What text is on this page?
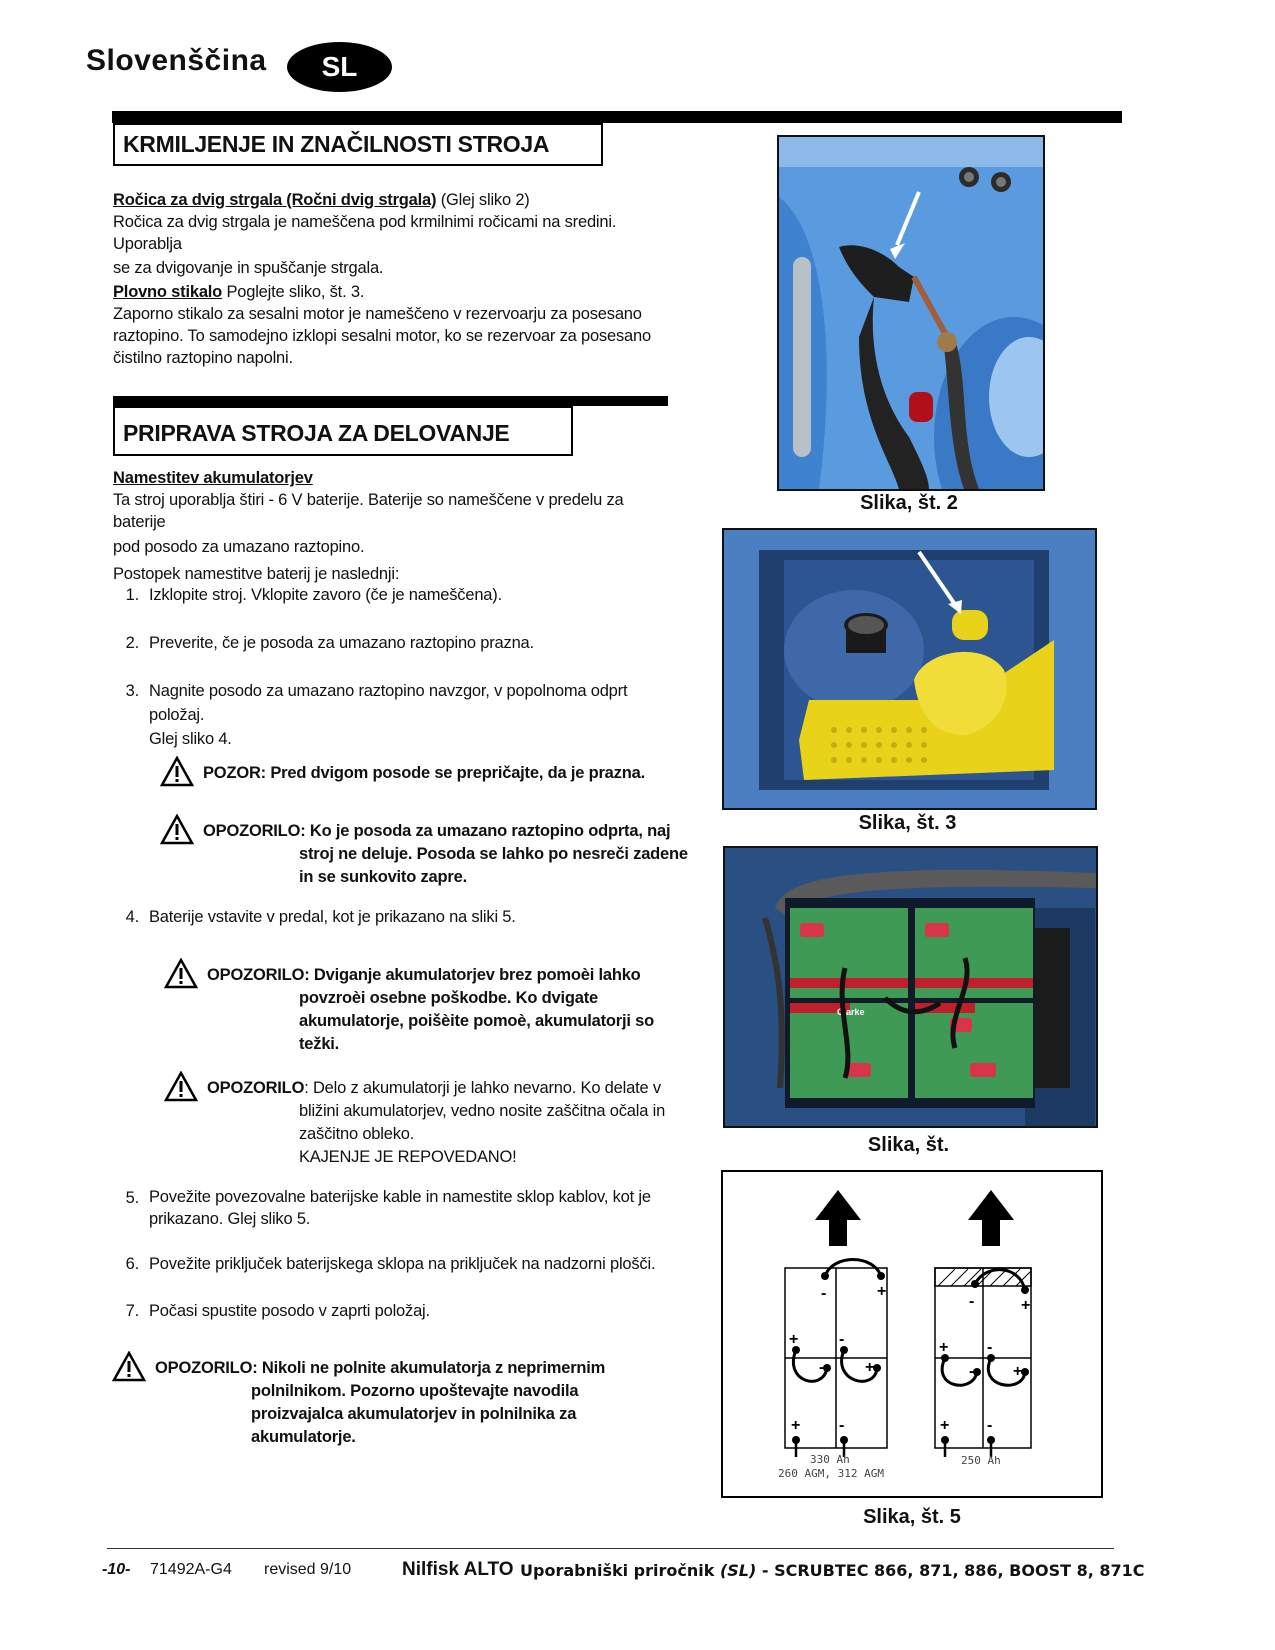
Slovenščina	SL
KRMILJENJE IN ZNAČILNOSTI STROJA
Ročica za dvig strgala (Ročni dvig strgala) (Glej sliko 2)
Ročica za dvig strgala je nameščena pod krmilnimi ročicami na sredini. Uporablja
se za dvigovanje in spuščanje strgala.
Plovno stikalo Poglejte sliko, št. 3.
Zaporno stikalo za sesalni motor je nameščeno v rezervoarju za posesano
raztopino. To samodejno izklopi sesalni motor, ko se rezervoar za posesano
čistilno raztopino napolni.
PRIPRAVA STROJA ZA DELOVANJE
Namestitev akumulatorjev
Ta stroj uporablja štiri - 6 V baterije. Baterije so nameščene v predelu za baterije
pod posodo za umazano raztopino.
Postopek namestitve baterij je naslednji:
1. Izklopite stroj. Vklopite zavoro (če je nameščena).
2. Preverite, če je posoda za umazano raztopino prazna.
3. Nagnite posodo za umazano raztopino navzgor, v popolnoma odprt položaj.
Glej sliko 4.
POZOR: Pred dvigom posode se prepričajte, da je prazna.
OPOZORILO: Ko je posoda za umazano raztopino odprta, naj
stroj ne deluje. Posoda se lahko po nesreči zadene
in se sunkovito zapre.
4. Baterije vstavite v predal, kot je prikazano na sliki 5.
OPOZORILO: Dviganje akumulatorjev brez pomoèi lahko
povzroèi osebne poškodbe. Ko dvigate
akumulatorje, poišèite pomoè, akumulatorji so
težki.
OPOZORILO: Delo z akumulatorji je lahko nevarno. Ko delate v
bližini akumulatorjev, vedno nosite zaščitna očala in
zaščitno obleko.
KAJENJE JE REPOVEDANO!
5. Povežite povezovalne baterijske kable in namestite sklop kablov, kot je
prikazano. Glej sliko 5.
6. Povežite priključek baterijskega sklopa na priključek na nadzorni plošči.
7. Počasi spustite posodo v zaprti položaj.
OPOZORILO: Nikoli ne polnite akumulatorja z neprimernim
polnilnikom. Pozorno upoštevajte navodila
proizvajalca akumulatorjev in polnilnika za
akumulatorje.
Slika, št. 2
Slika, št. 3
Clarke
Slika, št.
-	+
+	-
-	+
+ -
330 Ah
260 AGM, 312 AGM
-	+
+ -
- +
+ -
250 Ah
Slika, št. 5
-10- 71492A-G4 revised 9/10	Nilfisk ALTO Uporabniški priročnik (SL) - SCRUBTEC 866, 871, 886, BOOST 8, 871C
